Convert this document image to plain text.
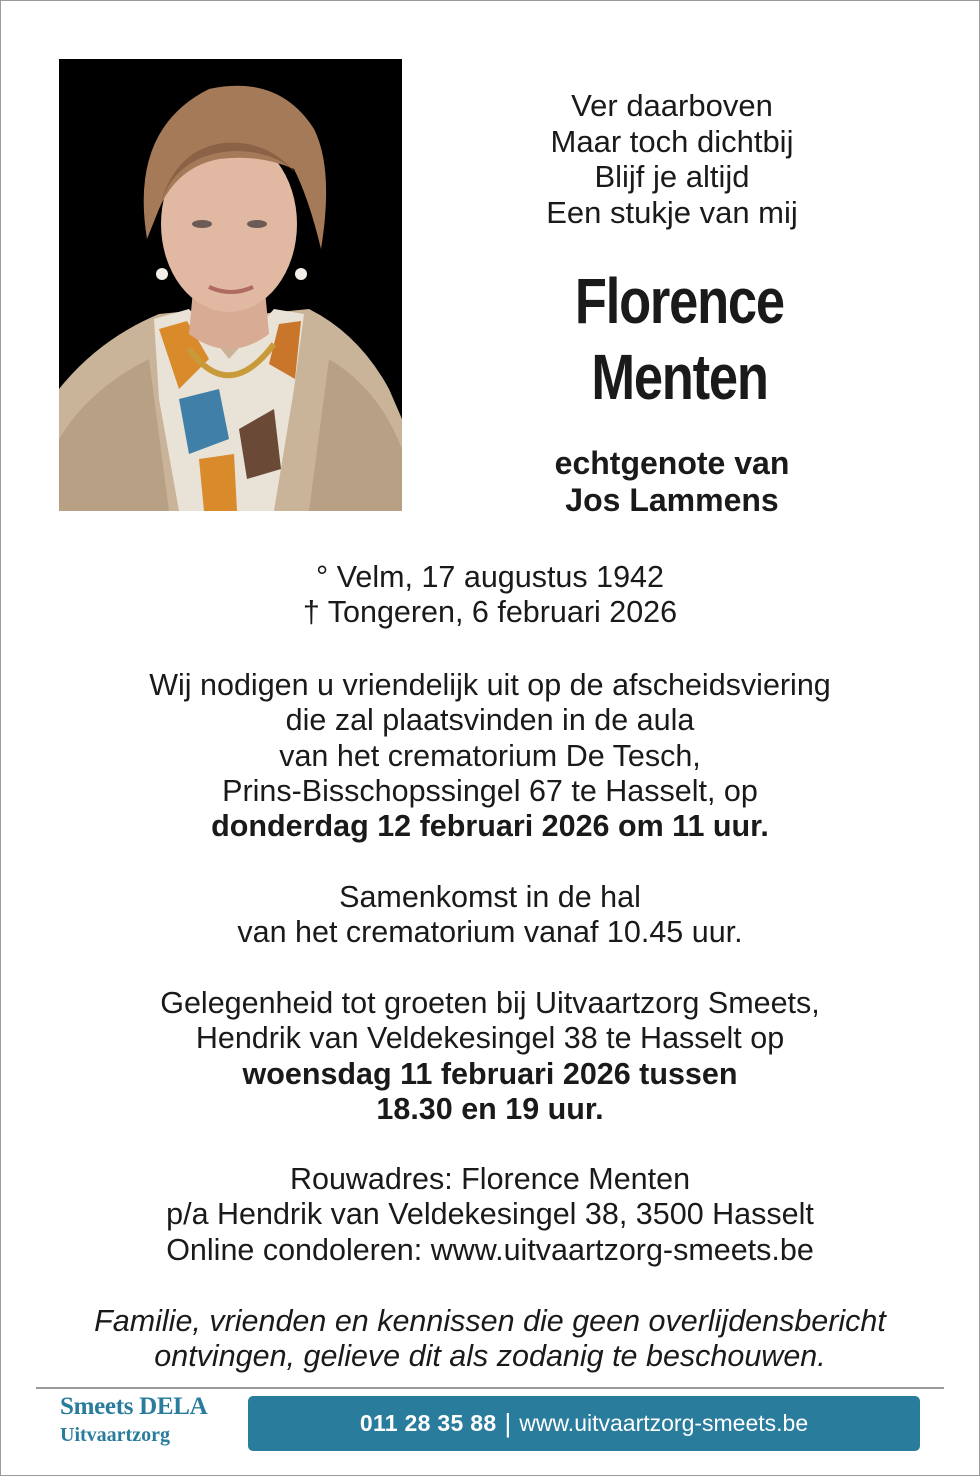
Ver daarboven
Maar toch dichtbij
Blijf je altijd
Een stukje van mij
Florence
Menten
echtgenote van
Jos Lammens
° Velm, 17 augustus 1942
† Tongeren, 6 februari 2026
Wij nodigen u vriendelijk uit op de afscheidsviering
die zal plaatsvinden in de aula
van het crematorium De Tesch,
Prins-Bisschopssingel 67 te Hasselt, op
donderdag 12 februari 2026 om 11 uur.
Samenkomst in de hal
van het crematorium vanaf 10.45 uur.
Gelegenheid tot groeten bij Uitvaartzorg Smeets,
Hendrik van Veldekesingel 38 te Hasselt op
woensdag 11 februari 2026 tussen
18.30 en 19 uur.
Rouwadres: Florence Menten
p/a Hendrik van Veldekesingel 38, 3500 Hasselt
Online condoleren: www.uitvaartzorg-smeets.be
Familie, vrienden en kennissen die geen overlijdensbericht
ontvingen, gelieve dit als zodanig te beschouwen.
Smeets DELA
Uitvaartzorg	011 28 35 88 | www.uitvaartzorg-smeets.be
